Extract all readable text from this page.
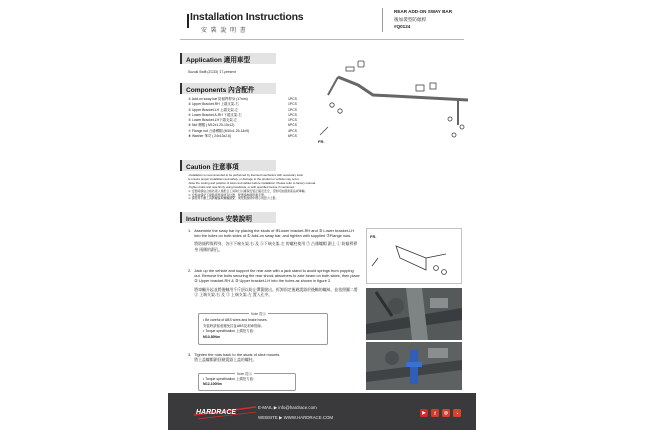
Installation Instructions
安 裝 說 明 書
REAR ADD-ON SWAY BAR
後加裝型防傾桿
#Q0124
Application 適用車型
Suzuki Swift (ZC33) '17-present
Components 內含配件
① Add-on sway bar 防傾桿桿身 (17mm)	1PCS
② Upper Bracket-RH 上端支架-右	1PCS
③ Upper Bracket-LH 上端支架-左	1PCS
④ Lower Bracket A-RH 下端支架-右	1PCS
⑤ Lower Bracket-LH下端支架-左	1PCS
⑥ Nut 螺帽 ( M12x1.25-10x12)	6PCS
⑦ Flange nut 凸緣螺帽 (M10x1.25-14x9)	4PCS
⑧ Washer 華司 ( 24x13x2.6)	6PCS
FR.
Caution 注意事項
-Installation is recommended to be performed by licensed mechanics with necessary tools
to ensure proper installation and safety, or damage to the product or vehicle may occur.
-Note the routing and position of wires and cables before installation. Please refer to factory manual.
-Tighten bolts and nuts firmly using handtools, or with specified torque if mentioned.
＊ 安裝時請由合格技術人員配合工具執行以確保安裝正確及安全，否則可能損害產品或車輛。
＊ 安裝前請記下線路與管線原有位置，配置請參閱原廠手冊。
＊ 請使用手動工具將螺絲與螺帽鎖緊，或依照說明中標示的扭力上緊。
Instructions 安裝說明
1. Assemble the sway bar by placing the studs of ④Lower bracket-RH and ⑤ Lower bracket-LH into the holes on both sides of ① Add-on sway bar, and tighten with supplied ⑦Flange nuts.
將防傾桿與桿身，各④下端支架-右 及 ⑤下端支架-左 的螺柱使用 ⑦ 凸緣螺帽 鎖上 ① 防傾桿桿身 兩側的鎖孔。
2. Jack up the vehicle and support the rear axle with a jack stand to avoid springs from popping out. Remove the bolts securing the rear shock absorbers to axle beam on both sides, then place ② Upper bracket-RH & ③ Upper bracket-LH into the holes as shown in figure 2.
將車輛升起並將後軸用千斤頂以防止彈簧脫出。拆卸固定後避震器於後軸的螺絲，並依照圖二將 ② 上端支架-右 及 ③ 上端支架-左 置入孔中。
Note 提示
• Be careful of ABS wires and brake hoses.
安裝時請留意避免拉扯ABS及剎車管線。
• Torque specification 上鎖扭力值:
M10-80Nm
3. Tighten the nuts back to the studs of strut mounts.
將上盖螺帽鎖回避震器上盖的螺柱。
Note 提示
• Torque specification 上鎖扭力值:
M12-100Nm
FR.
HARDRACE
E-MAIL ▶ info@hardrace.com
WEBSITE ▶ WWW.HARDRACE.COM
▶	f	◎	◔
